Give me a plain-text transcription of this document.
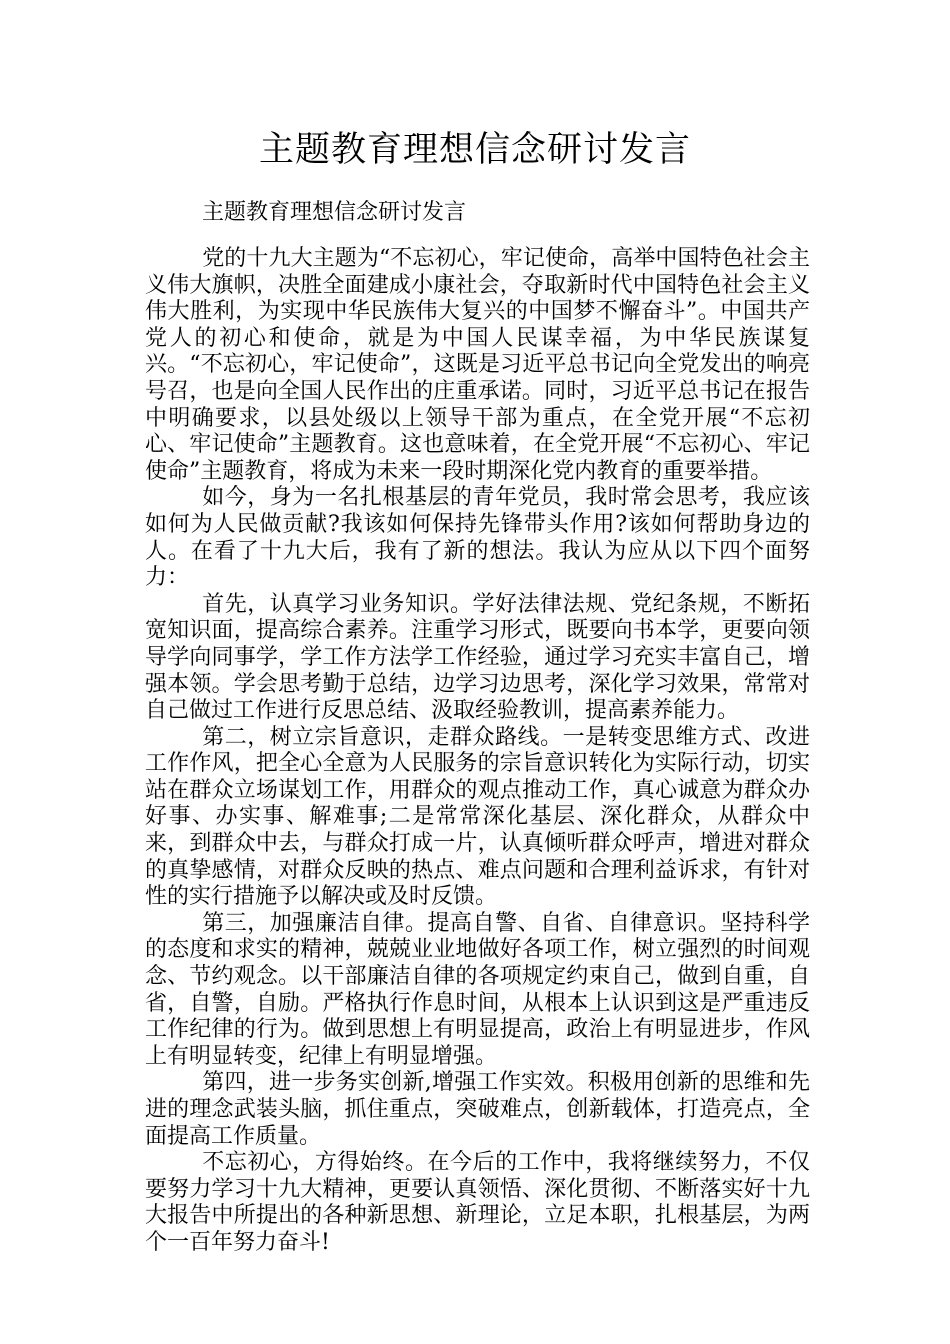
主题教育理想信念研讨发言
主题教育理想信念研讨发言

党的十九大主题为“不忘初心，牢记使命，高举中国特色社会主义伟大旗帜，决胜全面建成小康社会，夺取新时代中国特色社会主义伟大胜利，为实现中华民族伟大复兴的中国梦不懈奋斗”。中国共产党人的初心和使命，就是为中国人民谋幸福，为中华民族谋复兴。“不忘初心，牢记使命”，这既是习近平总书记向全党发出的响亮号召，也是向全国人民作出的庄重承诺。同时，习近平总书记在报告中明确要求，以县处级以上领导干部为重点，在全党开展“不忘初心、牢记使命”主题教育。这也意味着，在全党开展“不忘初心、牢记使命”主题教育，将成为未来一段时期深化党内教育的重要举措。

如今，身为一名扎根基层的青年党员，我时常会思考，我应该如何为人民做贡献?我该如何保持先锋带头作用?该如何帮助身边的人。在看了十九大后，我有了新的想法。我认为应从以下四个面努力：

首先，认真学习业务知识。学好法律法规、党纪条规，不断拓宽知识面，提高综合素养。注重学习形式，既要向书本学，更要向领导学向同事学，学工作方法学工作经验，通过学习充实丰富自己，增强本领。学会思考勤于总结，边学习边思考，深化学习效果，常常对自己做过工作进行反思总结、汲取经验教训，提高素养能力。

第二，树立宗旨意识，走群众路线。一是转变思维方式、改进工作作风，把全心全意为人民服务的宗旨意识转化为实际行动，切实站在群众立场谋划工作，用群众的观点推动工作，真心诚意为群众办好事、办实事、解难事;二是常常深化基层、深化群众，从群众中来，到群众中去，与群众打成一片，认真倾听群众呼声，增进对群众的真挚感情，对群众反映的热点、难点问题和合理利益诉求，有针对性的实行措施予以解决或及时反馈。

第三，加强廉洁自律。提高自警、自省、自律意识。坚持科学的态度和求实的精神，兢兢业业地做好各项工作，树立强烈的时间观念、节约观念。以干部廉洁自律的各项规定约束自己，做到自重，自省，自警，自励。严格执行作息时间，从根本上认识到这是严重违反工作纪律的行为。做到思想上有明显提高，政治上有明显进步，作风上有明显转变，纪律上有明显增强。

第四，进一步务实创新,增强工作实效。积极用创新的思维和先进的理念武装头脑，抓住重点，突破难点，创新载体，打造亮点，全面提高工作质量。

不忘初心，方得始终。在今后的工作中，我将继续努力，不仅要努力学习十九大精神，更要认真领悟、深化贯彻、不断落实好十九大报告中所提出的各种新思想、新理论，立足本职，扎根基层，为两个一百年努力奋斗!
